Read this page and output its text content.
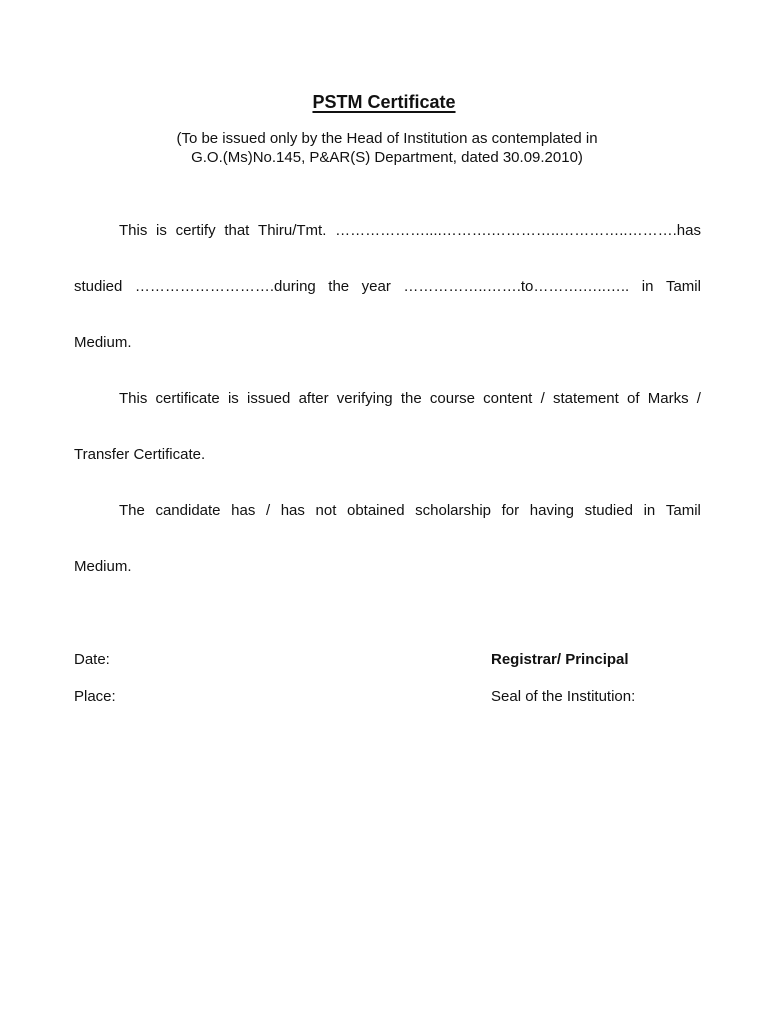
PSTM Certificate
(To be issued only by the Head of Institution as contemplated in
G.O.(Ms)No.145, P&AR(S) Department, dated 30.09.2010)
This is certify that Thiru/Tmt. ………………....……….…………..…………..……….has
studied ……………………….during the year ……………..…….to……….…..….. in Tamil
Medium.
This certificate is issued after verifying the course content / statement of Marks /
Transfer Certificate.
The candidate has / has not obtained scholarship for having studied in Tamil
Medium.
Date:
Place:
Registrar/ Principal
Seal of the Institution:
